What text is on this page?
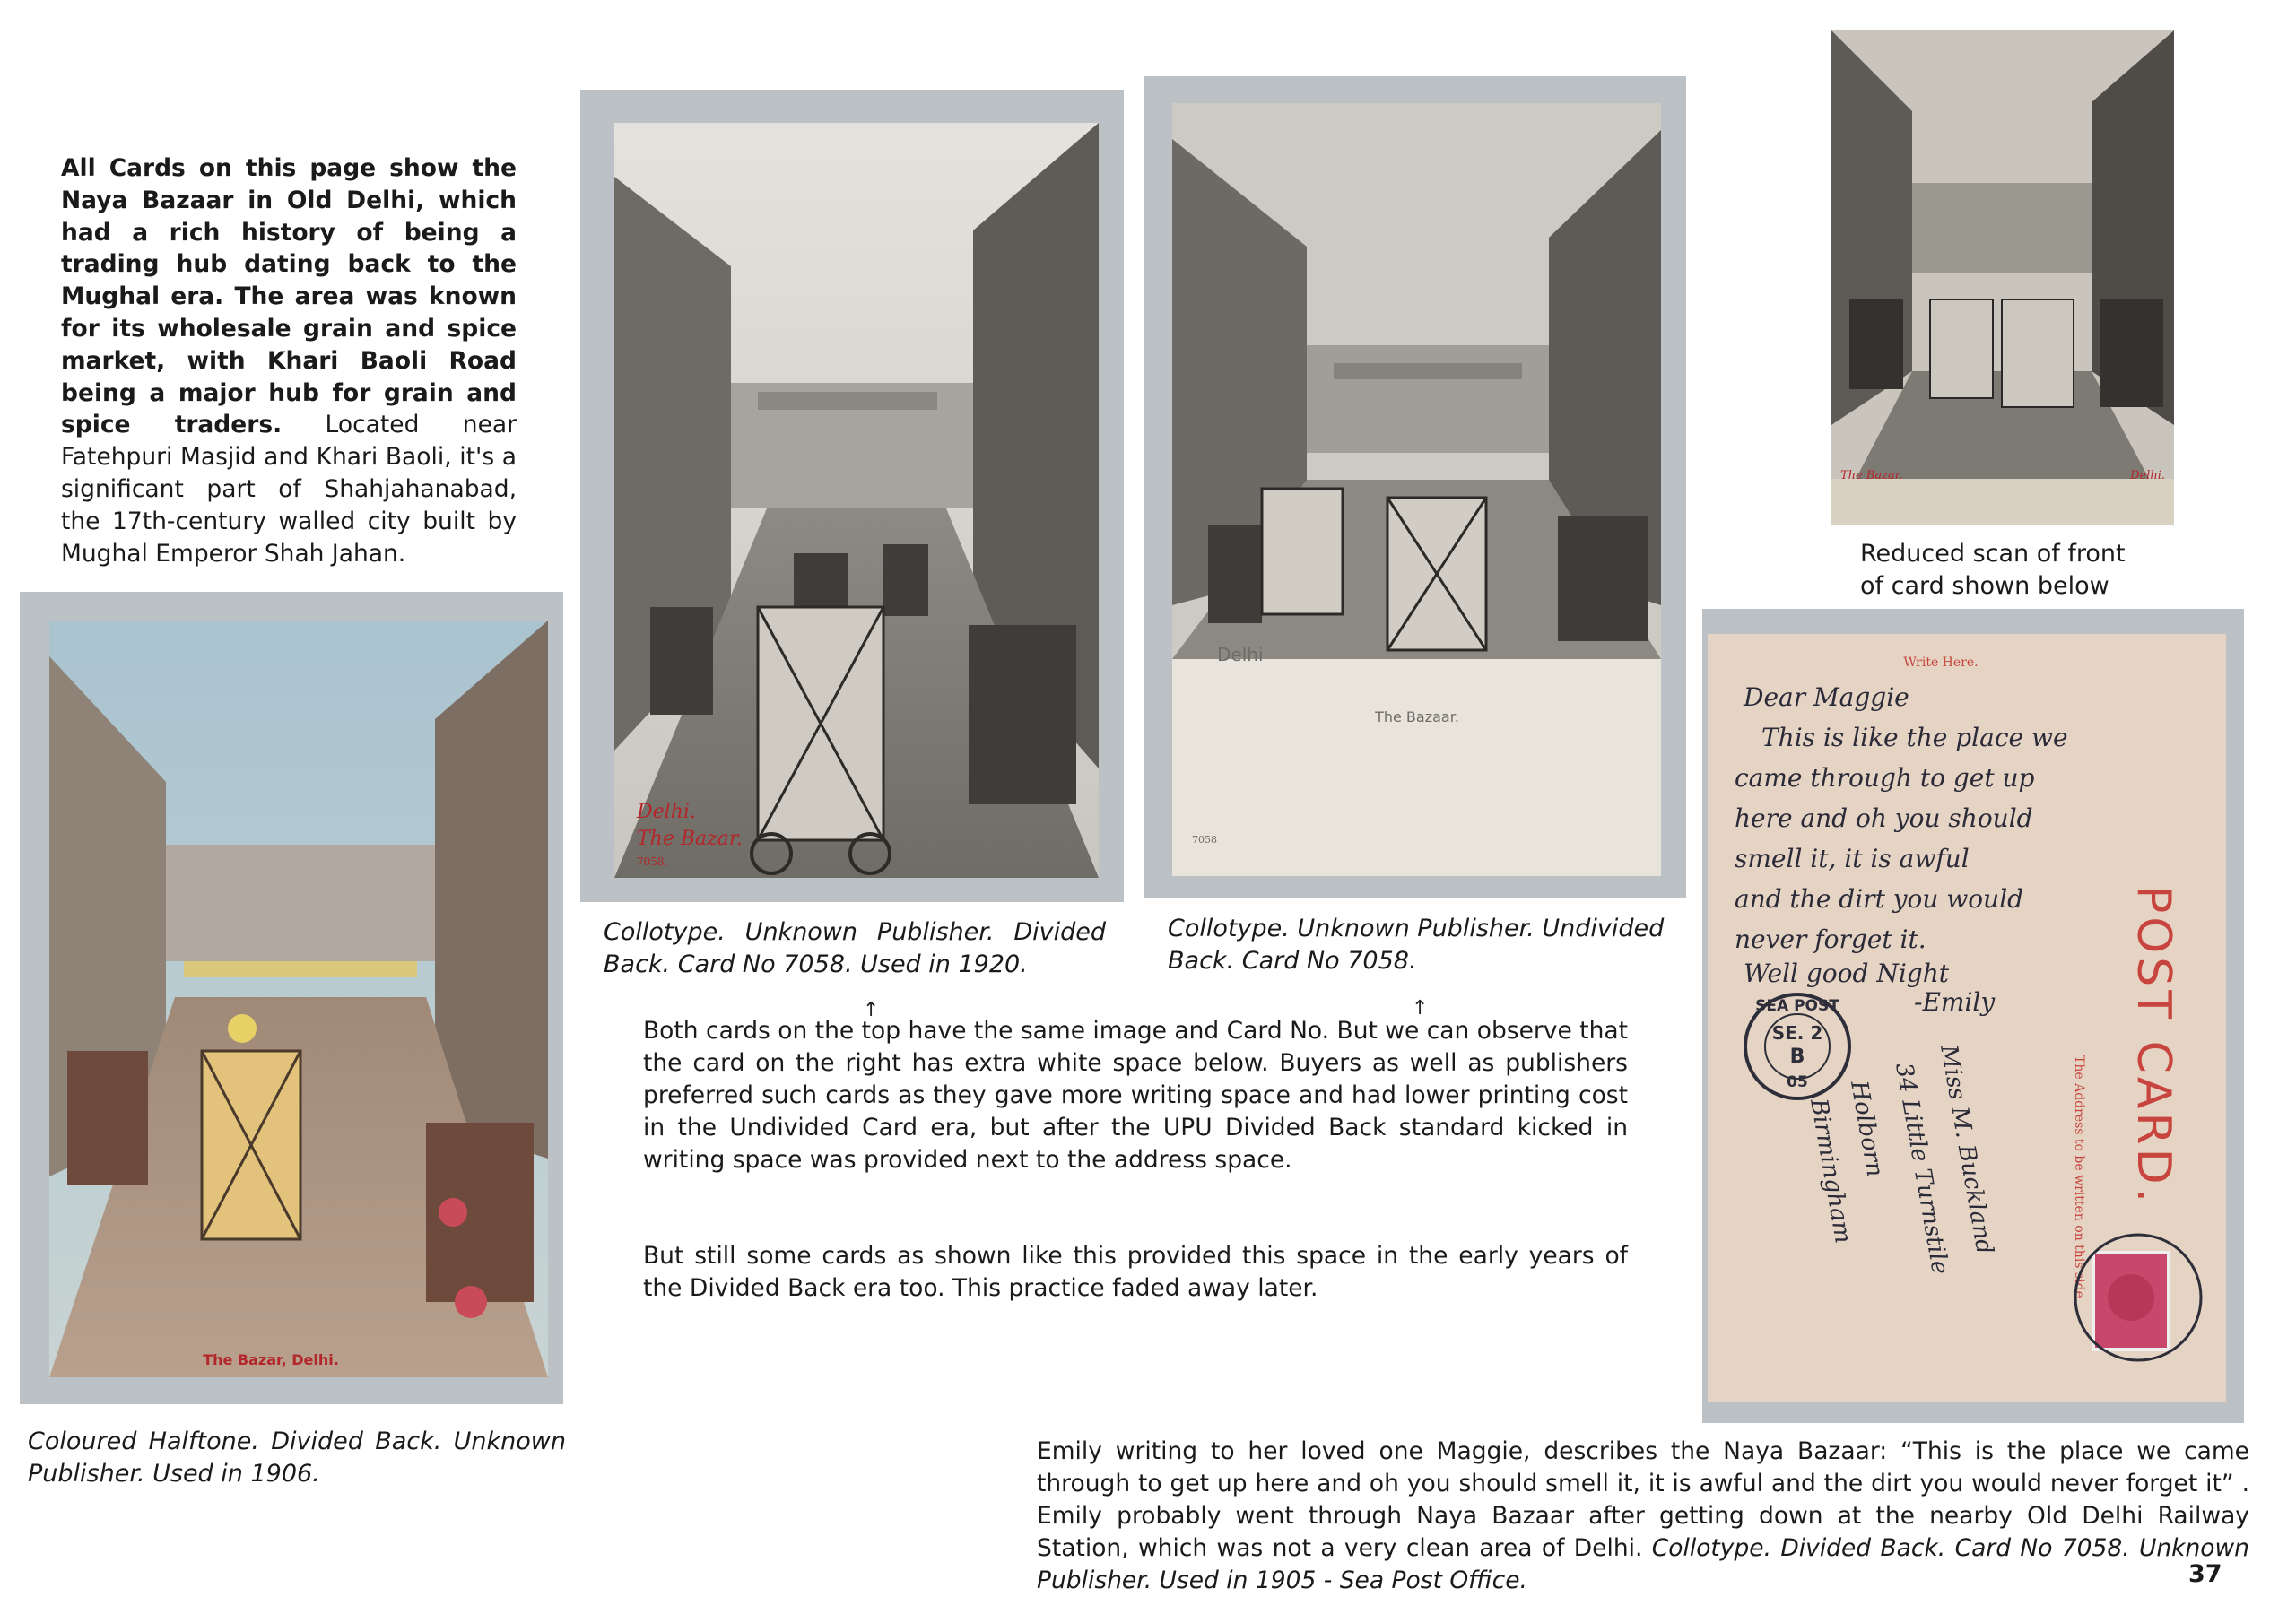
All Cards on this page show the Naya Bazaar in Old Delhi, which had a rich history of being a trading hub dating back to the Mughal era. The area was known for its wholesale grain and spice market, with Khari Baoli Road being a major hub for grain and spice traders. Located near Fatehpuri Masjid and Khari Baoli, it's a significant part of Shahjahanabad, the 17th-century walled city built by Mughal Emperor Shah Jahan.
Delhi.
The Bazar.
7058.
Collotype. Unknown Publisher. Divided Back. Card No 7058. Used in 1920.
Delhi
The Bazaar.
7058
Collotype. Unknown Publisher. Undivided Back. Card No 7058.
The Bazar.	Delhi.
Reduced scan of front of card shown below
The Bazar, Delhi.
Coloured Halftone. Divided Back. Unknown Publisher. Used in 1906.
Write Here.
Dear Maggie
This is like the place we
came through to get up
here and oh you should
smell it, it is awful
and the dirt you would
never forget it.
Well good Night
-Emily	POST CARD.
The Address to be written on this side.
SEA POST
SE. 2
B
05	Miss M. Buckland
34 Little Turnstile
Holborn
Birmingham
↑	↑
Both cards on the top have the same image and Card No. But we can observe that the card on the right has extra white space below. Buyers as well as publishers preferred such cards as they gave more writing space and had lower printing cost in the Undivided Card era, but after the UPU Divided Back standard kicked in writing space was provided next to the address space.
But still some cards as shown like this provided this space in the early years of the Divided Back era too. This practice faded away later.
Emily writing to her loved one Maggie, describes the Naya Bazaar: “This is the place we came through to get up here and oh you should smell it, it is awful and the dirt you would never forget it” . Emily probably went through Naya Bazaar after getting down at the nearby Old Delhi Railway Station, which was not a very clean area of Delhi. Collotype. Divided Back. Card No 7058. Unknown Publisher. Used in 1905 - Sea Post Office.	37
